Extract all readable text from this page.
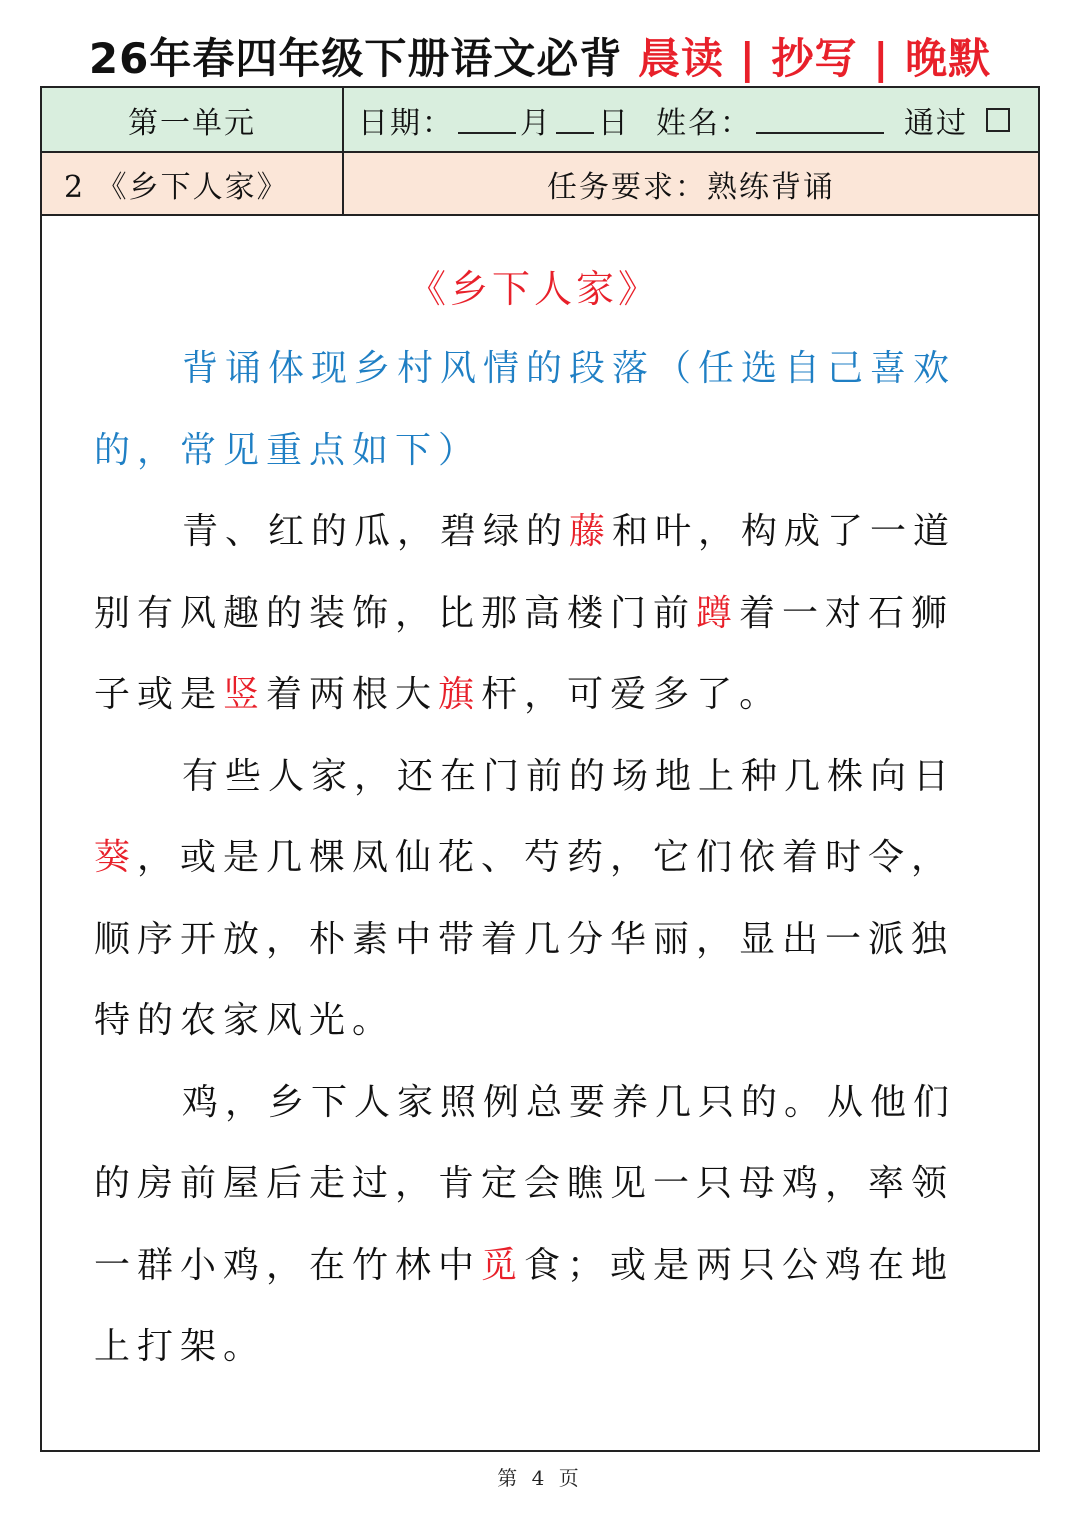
26年春四年级下册语文必背 晨读 | 抄写 | 晚默
第一单元	日期： 月 日 姓名：	通过
2 《乡下人家》	任务要求：熟练背诵
《乡下人家》

背诵体现乡村风情的段落（任选自己喜欢的，常见重点如下）

青、红的瓜，碧绿的藤和叶，构成了一道别有风趣的装饰，比那高楼门前蹲着一对石狮子或是竖着两根大旗杆，可爱多了。

有些人家，还在门前的场地上种几株向日葵，或是几棵凤仙花、芍药，它们依着时令，顺序开放，朴素中带着几分华丽，显出一派独特的农家风光。

鸡，乡下人家照例总要养几只的。从他们的房前屋后走过，肯定会瞧见一只母鸡，率领一群小鸡，在竹林中觅食；或是两只公鸡在地上打架。

第 4 页
